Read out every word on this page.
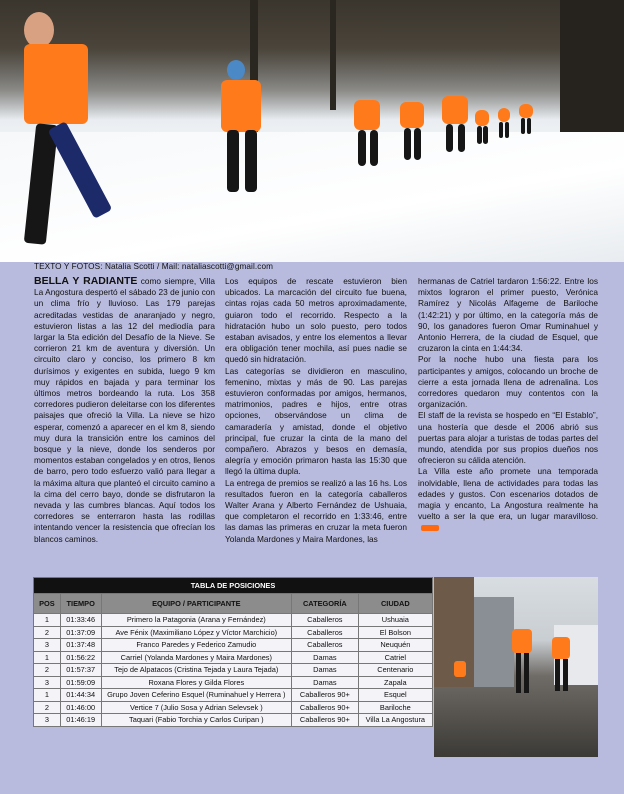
TEXTO Y FOTOS: Natalia Scotti / Mail: nataliascotti@gmail.com

BELLA Y RADIANTE como siempre, Villa La Angostura despertó el sábado 23 de junio con un clima frío y lluvioso. Las 179 parejas acreditadas vestidas de anaranjado y negro, estuvieron listas a las 12 del mediodía para largar la 5ta edición del Desafío de la Nieve. Se corrieron 21 km de aventura y diversión. Un circuito claro y conciso, los primero 8 km durísimos y exigentes en subida, luego 9 km muy rápidos en bajada y para terminar los últimos metros bordeando la ruta. Los 358 corredores pudieron deleitarse con los diferentes paisajes que ofreció la Villa. La nieve se hizo esperar, comenzó a aparecer en el km 8, siendo muy dura la transición entre los caminos del bosque y la nieve, donde los senderos por momentos estaban congelados y en otros, llenos de barro, pero todo esfuerzo valió para llegar a la máxima altura que planteó el circuito camino a la cima del cerro bayo, donde se disfrutaron la nevada y las cumbres blancas. Aquí todos los corredores se enterraron hasta las rodillas intentando vencer la resistencia que ofrecían los blancos caminos.

Los equipos de rescate estuvieron bien ubicados. La marcación del circuito fue buena, cintas rojas cada 50 metros aproximadamente, guiaron todo el recorrido. Respecto a la hidratación hubo un solo puesto, pero todos estaban avisados, y entre los elementos a llevar era obligación tener mochila, así pues nadie se quedó sin hidratación.

Las categorías se dividieron en masculino, femenino, mixtas y más de 90. Las parejas estuvieron conformadas por amigos, hermanos, matrimonios, padres e hijos, entre otras opciones, observándose un clima de camaradería y amistad, donde el objetivo principal, fue cruzar la cinta de la mano del compañero. Abrazos y besos en demasía, alegría y emoción primaron hasta las 15:30 que llegó la última dupla.

La entrega de premios se realizó a las 16 hs. Los resultados fueron en la categoría caballeros Walter Arana y Alberto Fernández de Ushuaia, que completaron el recorrido en 1:33:46, entre las damas las primeras en cruzar la meta fueron Yolanda Mardones y Maira Mardones, las

hermanas de Catriel tardaron 1:56:22. Entre los mixtos lograron el primer puesto, Verónica Ramírez y Nicolás Alfageme de Bariloche (1:42:21) y por último, en la categoría más de 90, los ganadores fueron Omar Ruminahuel y Antonio Herrera, de la ciudad de Esquel, que cruzaron la cinta en 1:44:34.

Por la noche hubo una fiesta para los participantes y amigos, colocando un broche de cierre a esta jornada llena de adrenalina. Los corredores quedaron muy contentos con la organización.

El staff de la revista se hospedo en “El Establo”, una hostería que desde el 2006 abrió sus puertas para alojar a turistas de todas partes del mundo, atendida por sus propios dueños nos ofrecieron su cálida atención.

La Villa este año promete una temporada inolvidable, llena de actividades para todas las edades y gustos. Con escenarios dotados de magia y encanto, La Angostura realmente ha vuelto a ser la que era, un lugar maravilloso.

TABLA DE POSICIONES				
POS	TIEMPO	EQUIPO / PARTICIPANTE	CATEGORÍA	CIUDAD
1	01:33:46	Primero la Patagonia (Arana y Fernández)	Caballeros	Ushuaia
2	01:37:09	Ave Fénix (Maximiliano López y Víctor Marchicio)	Caballeros	El Bolson
3	01:37:48	Franco Paredes y Federico Zamudio	Caballeros	Neuquén
1	01:56:22	Carriel (Yolanda Mardones y Maira Mardones)	Damas	Catriel
2	01:57:37	Tejo de Alpatacos (Cristina Tejada y Laura Tejada)	Damas	Centenario
3	01:59:09	Roxana Flores y Gilda Flores	Damas	Zapala
1	01:44:34	Grupo Joven Ceferino Esquel (Ruminahuel y Herrera )	Caballeros 90+	Esquel
2	01:46:00	Vertice 7 (Julio Sosa y Adrian Selevsek )	Caballeros 90+	Bariloche
3	01:46:19	Taquari (Fabio Torchia y Carlos Curipan )	Caballeros 90+	Villa La Angostura
